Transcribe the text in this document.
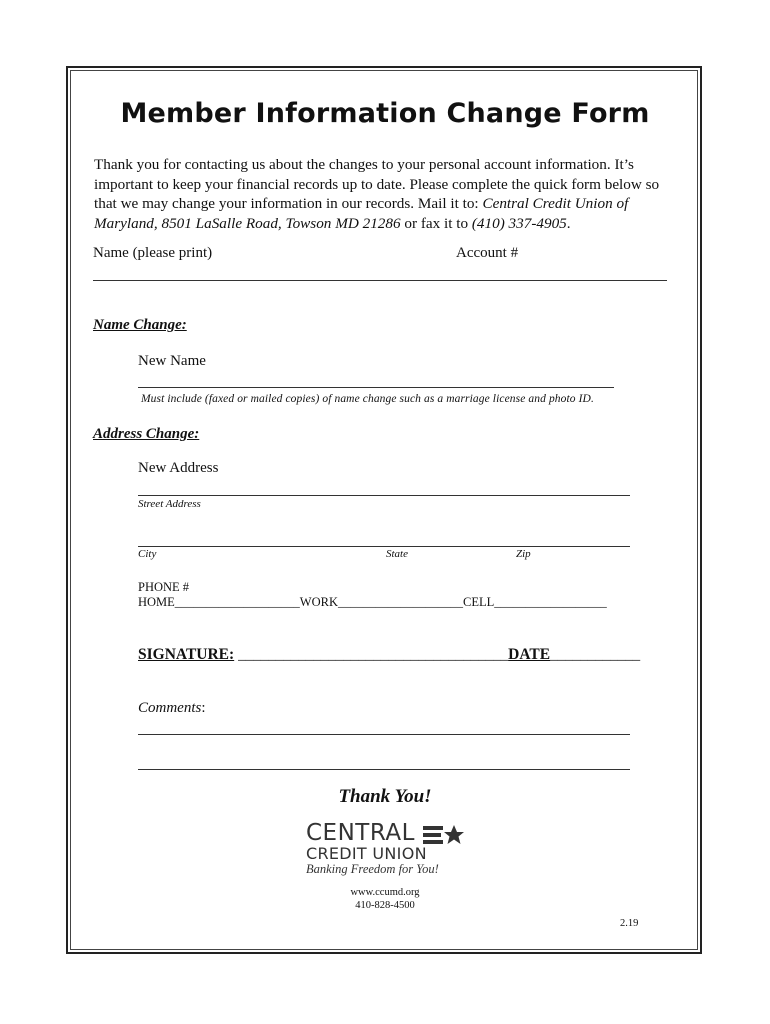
Member Information Change Form
Thank you for contacting us about the changes to your personal account information. It’s important to keep your financial records up to date. Please complete the quick form below so that we may change your information in our records. Mail it to: Central Credit Union of Maryland, 8501 LaSalle Road, Towson MD 21286 or fax it to (410) 337-4905.
Name (please print)	Account #
Name Change:
New Name
Must include (faxed or mailed copies) of name change such as a marriage license and photo ID.
Address Change:
New Address
Street Address
City	State	Zip
PHONE #
HOME____________________WORK____________________CELL__________________
SIGNATURE: ____________________________________DATE____________
Comments:
Thank You!
CENTRAL
CREDIT UNION
Banking Freedom for You!
www.ccumd.org
410-828-4500
2.19
